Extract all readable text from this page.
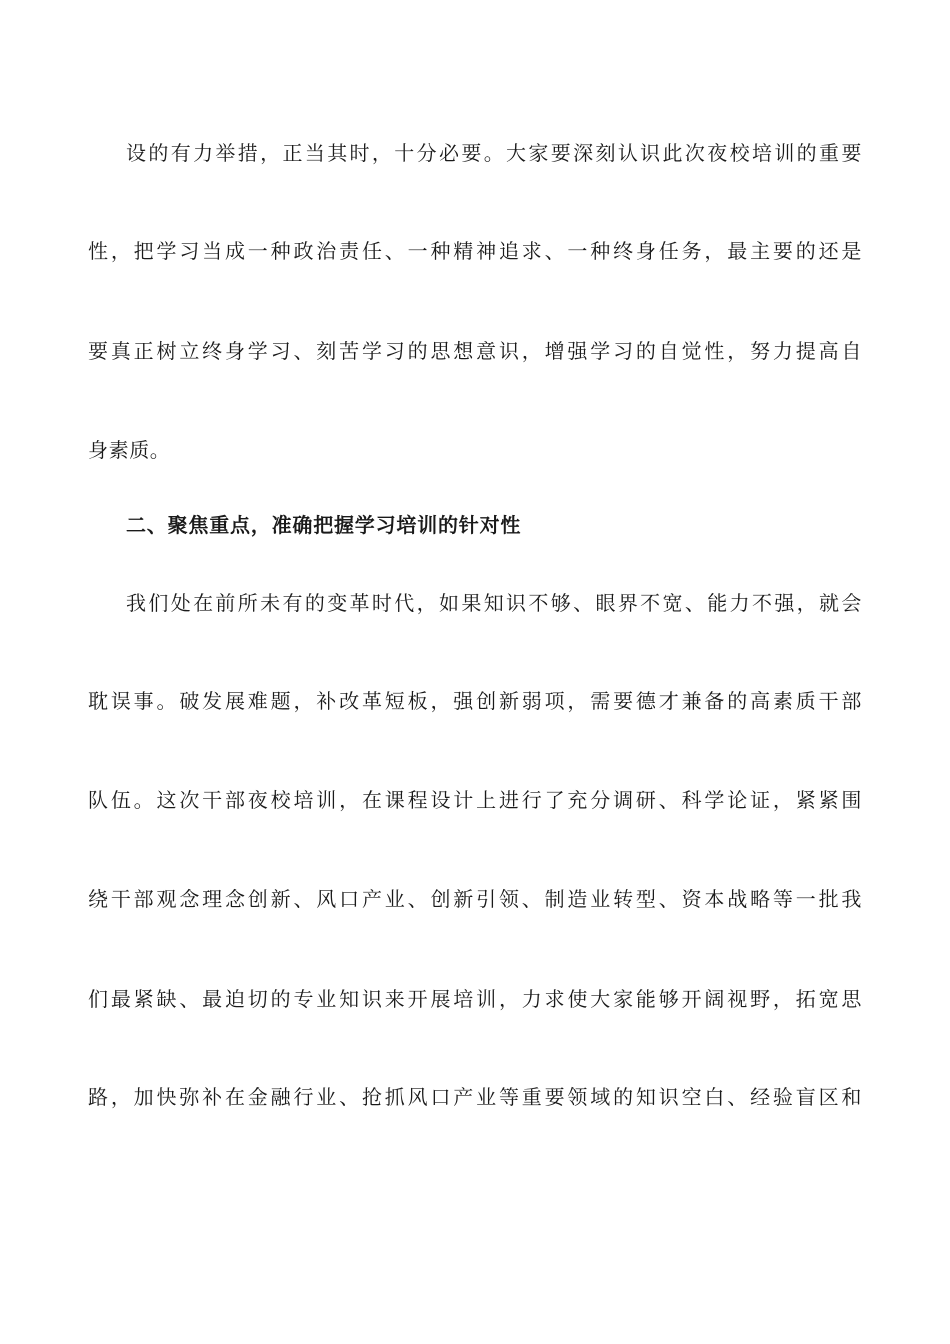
设的有力举措，正当其时，十分必要。大家要深刻认识此次夜校培训的重要
性，把学习当成一种政治责任、一种精神追求、一种终身任务，最主要的还是
要真正树立终身学习、刻苦学习的思想意识，增强学习的自觉性，努力提高自
身素质。
二、聚焦重点，准确把握学习培训的针对性
我们处在前所未有的变革时代，如果知识不够、眼界不宽、能力不强，就会
耽误事。破发展难题，补改革短板，强创新弱项，需要德才兼备的高素质干部
队伍。这次干部夜校培训，在课程设计上进行了充分调研、科学论证，紧紧围
绕干部观念理念创新、风口产业、创新引领、制造业转型、资本战略等一批我
们最紧缺、最迫切的专业知识来开展培训，力求使大家能够开阔视野，拓宽思
路，加快弥补在金融行业、抢抓风口产业等重要领域的知识空白、经验盲区和
